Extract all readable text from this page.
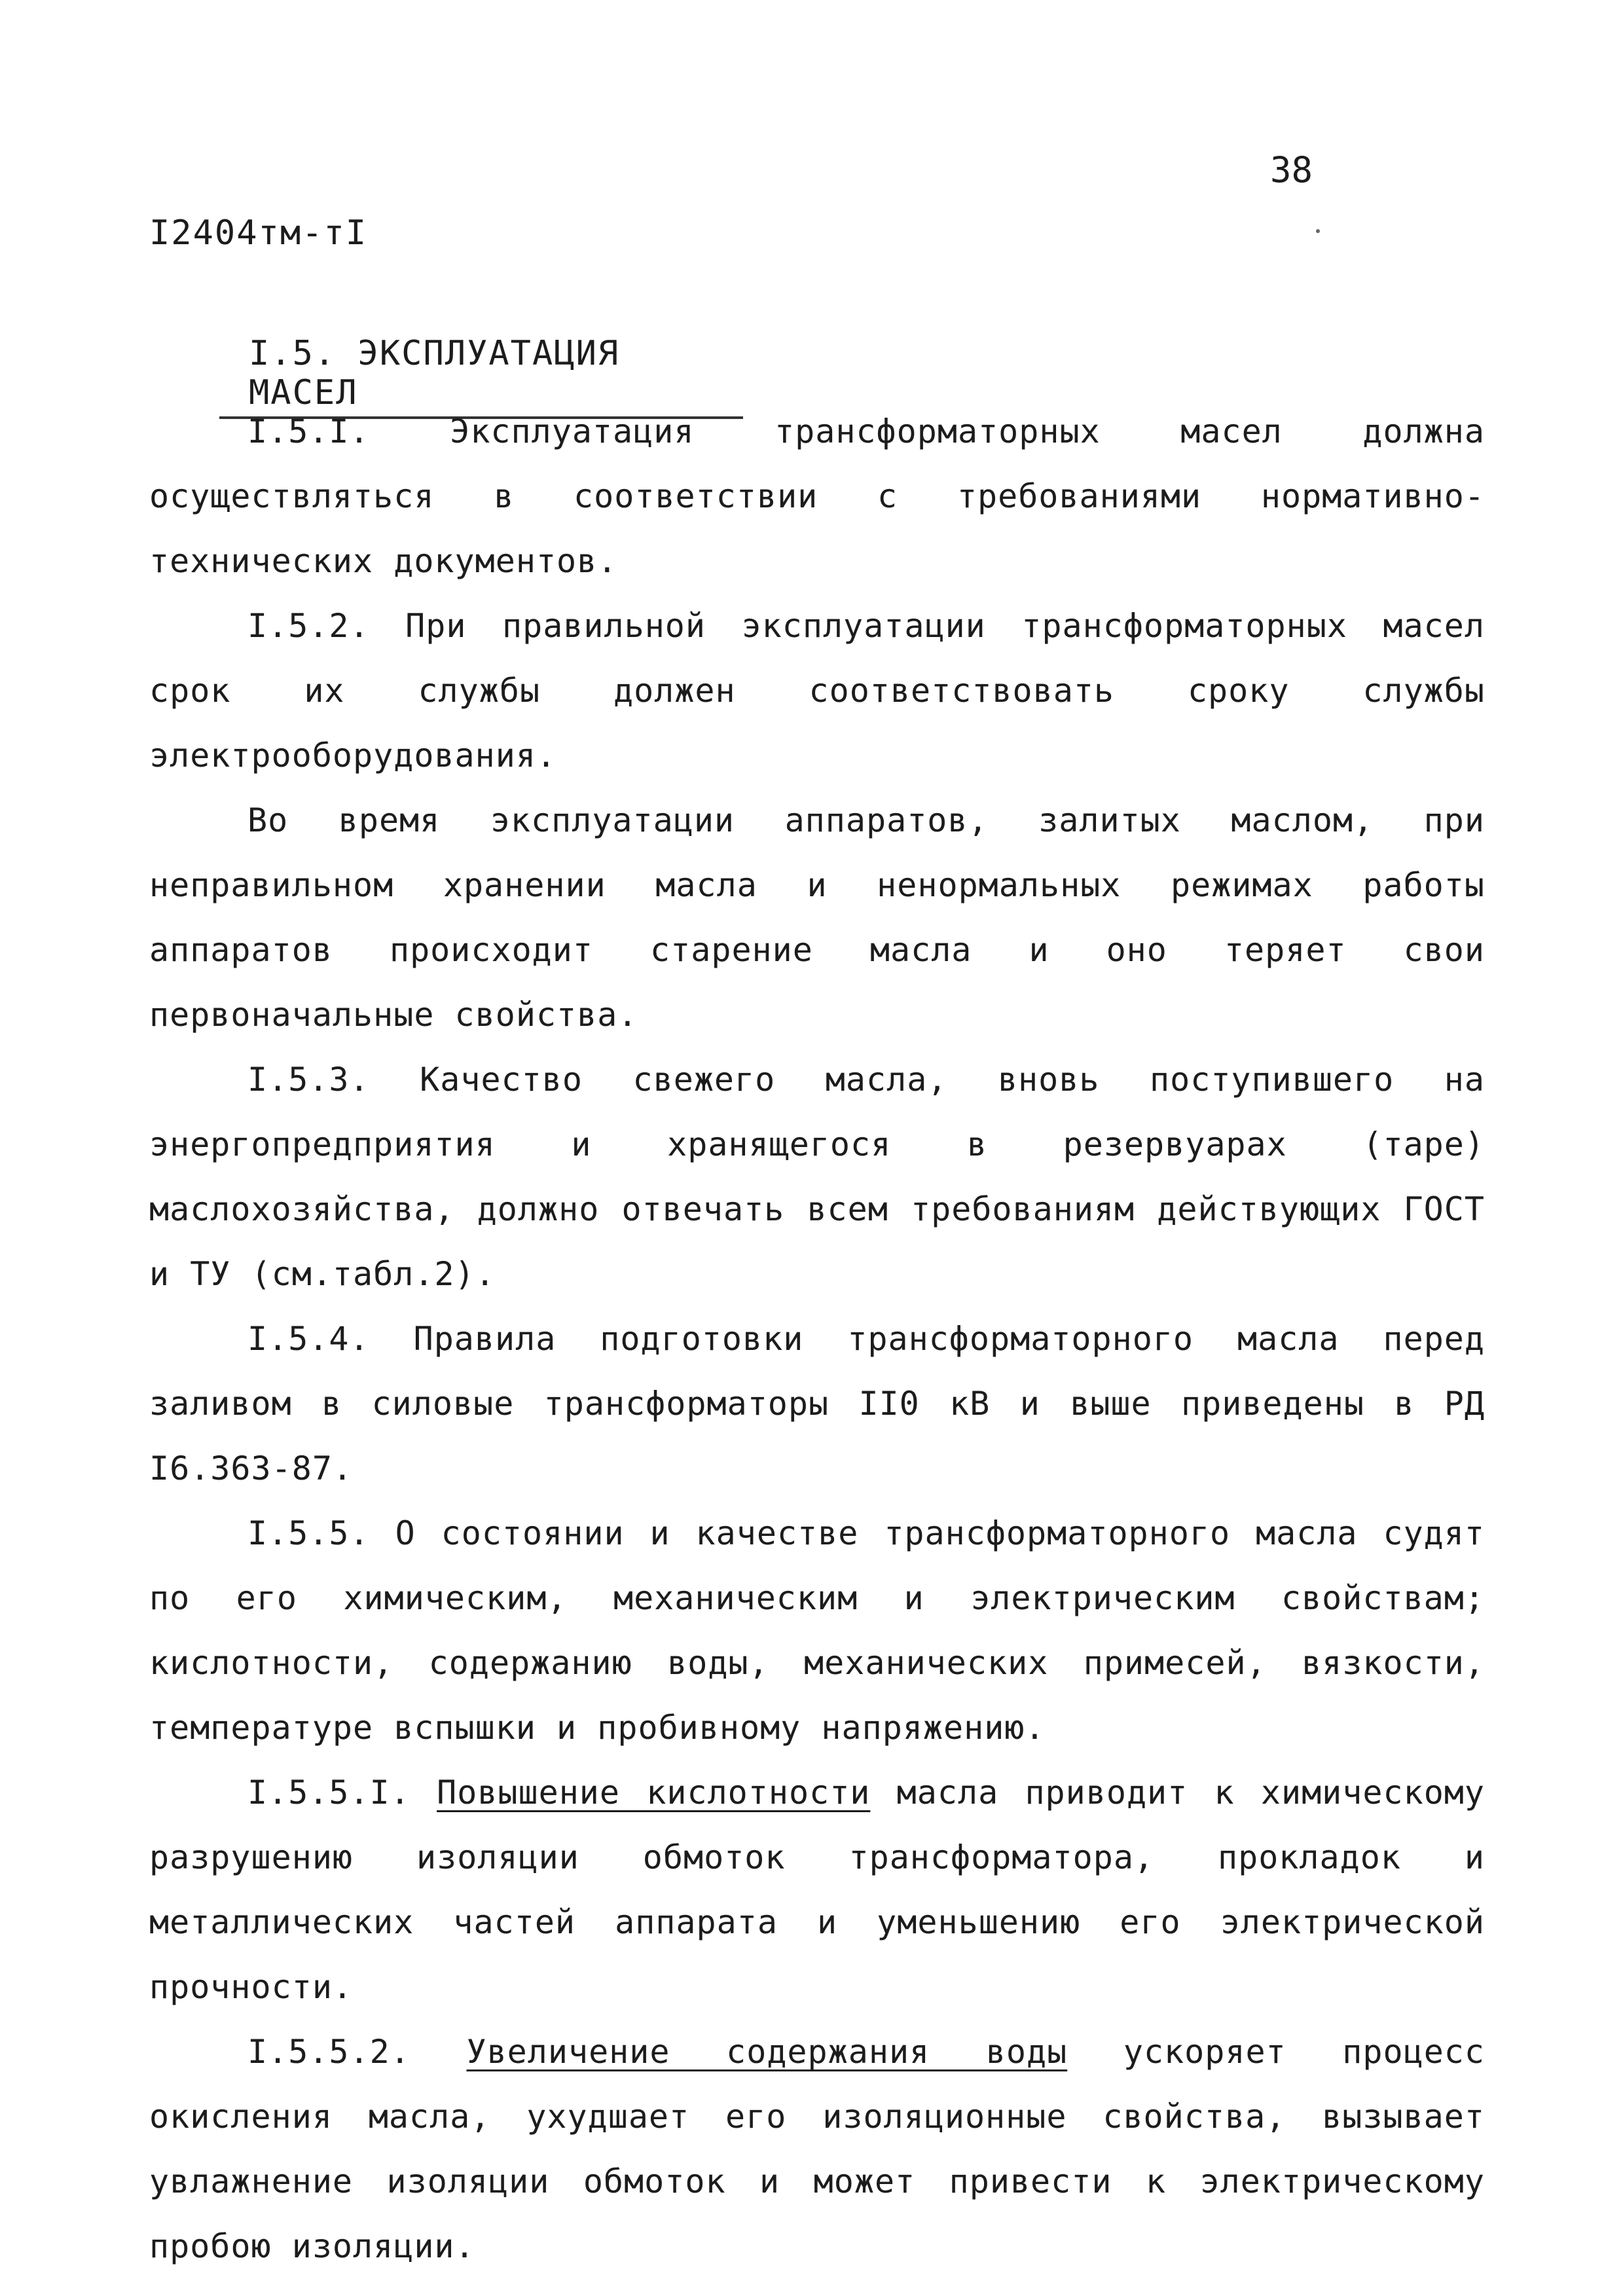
38
I2404тм-тI
I.5. ЭКСПЛУАТАЦИЯ МАСЕЛ

I.5.I. Эксплуатация трансформаторных масел должна осуществляться в соответствии с требованиями нормативно-технических документов.

I.5.2. При правильной эксплуатации трансформаторных масел срок их службы должен соответствовать сроку службы электрооборудования.

Во время эксплуатации аппаратов, залитых маслом, при неправильном хранении масла и ненормальных режимах работы аппаратов происходит старение масла и оно теряет свои первоначальные свойства.

I.5.3. Качество свежего масла, вновь поступившего на энергопредприятия и хранящегося в резервуарах (таре) маслохозяйства, должно отвечать всем требованиям действующих ГОСТ и ТУ (см.табл.2).

I.5.4. Правила подготовки трансформаторного масла перед заливом в силовые трансформаторы II0 кВ и выше приведены в РД I6.363-87.

I.5.5. О состоянии и качестве трансформаторного масла судят по его химическим, механическим и электрическим свойствам; кислотности, содержанию воды, механических примесей, вязкости, температуре вспышки и пробивному напряжению.

I.5.5.I. Повышение кислотности масла приводит к химическому разрушению изоляции обмоток трансформатора, прокладок и металлических частей аппарата и уменьшению его электрической прочности.

I.5.5.2. Увеличение содержания воды ускоряет процесс окисления масла, ухудшает его изоляционные свойства, вызывает увлажнение изоляции обмоток и может привести к электрическому пробою изоляции.
